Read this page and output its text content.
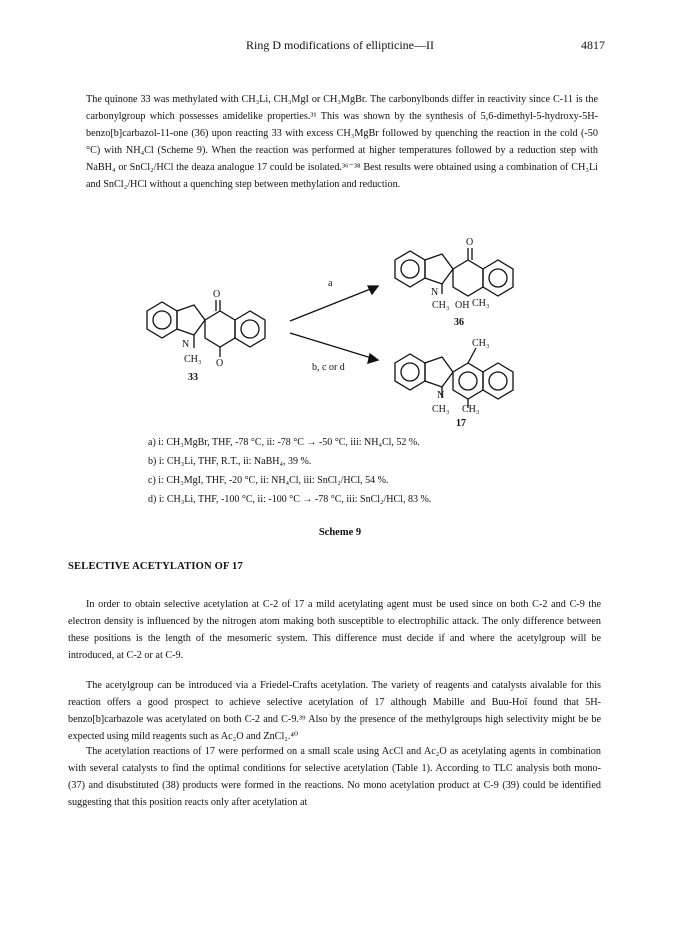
Ring D modifications of ellipticine—II	4817
The quinone 33 was methylated with CH₃Li, CH₃MgI or CH₃MgBr. The carbonylbonds differ in reactivity since C-11 is the carbonylgroup which possesses amidelike properties.³¹ This was shown by the synthesis of 5,6-dimethyl-5-hydroxy-5H-benzo[b]carbazol-11-one (36) upon reacting 33 with excess CH₃MgBr followed by quenching the reaction in the cold (-50 °C) with NH₄Cl (Scheme 9). When the reaction was performed at higher temperatures followed by a reduction step with NaBH₄ or SnCl₂/HCl the deaza analogue 17 could be isolated.³⁶⁻³⁸ Best results were obtained using a combination of CH₃Li and SnCl₂/HCl without a quenching step between methylation and reduction.
O
O
N
CH₃
33
a
b, c or d
O
N
CH₃ OH CH₃
36
CH₃
N
CH₃ CH₃
17
a) i: CH₃MgBr, THF, -78 °C, ii: -78 °C → -50 °C, iii: NH₄Cl, 52 %.
b) i: CH₃Li, THF, R.T., ii: NaBH₄, 39 %.
c) i: CH₃MgI, THF, -20 °C, ii: NH₄Cl, iii: SnCl₂/HCl, 54 %.
d) i: CH₃Li, THF, -100 °C, ii: -100 °C → -78 °C, iii: SnCl₂/HCl, 83 %.
Scheme 9
SELECTIVE ACETYLATION OF 17
In order to obtain selective acetylation at C-2 of 17 a mild acetylating agent must be used since on both C-2 and C-9 the electron density is influenced by the nitrogen atom making both susceptible to electrophilic attack. The only difference between these positions is the length of the mesomeric system. This difference must decide if and where the acetylgroup will be introduced, at C-2 or at C-9.
The acetylgroup can be introduced via a Friedel-Crafts acetylation. The variety of reagents and catalysts aivalable for this reaction offers a good prospect to achieve selective acetylation of 17 although Mabille and Buu-Hoï found that 5H-benzo[b]carbazole was acetylated on both C-2 and C-9.³⁹ Also by the presence of the methylgroups high selectivity might be be expected using mild reagents such as Ac₂O and ZnCl₂.⁴⁰
The acetylation reactions of 17 were performed on a small scale using AcCl and Ac₂O as acetylating agents in combination with several catalysts to find the optimal conditions for selective acetylation (Table 1). According to TLC analysis both mono- (37) and disubstituted (38) products were formed in the reactions. No mono acetylation product at C-9 (39) could be identified suggesting that this position reacts only after acetylation at
